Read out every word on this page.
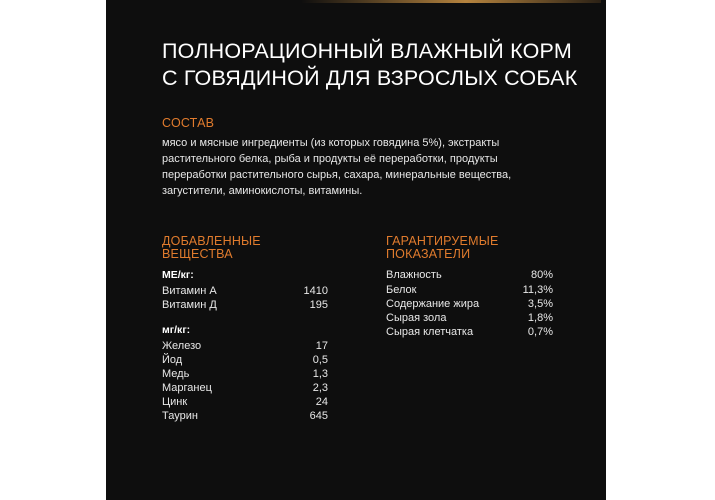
ПОЛНОРАЦИОННЫЙ ВЛАЖНЫЙ КОРМ
С ГОВЯДИНОЙ ДЛЯ ВЗРОСЛЫХ СОБАК
СОСТАВ
мясо и мясные ингредиенты (из которых говядина 5%), экстракты растительного белка, рыба и продукты её переработки, продукты переработки растительного сырья, сахара, минеральные вещества, загустители, аминокислоты, витамины.
ДОБАВЛЕННЫЕ
ВЕЩЕСТВА
МЕ/кг:
Витамин А	1410
Витамин Д	195
мг/кг:
Железо	17
Йод	0,5
Медь	1,3
Марганец	2,3
Цинк	24
Таурин	645
ГАРАНТИРУЕМЫЕ
ПОКАЗАТЕЛИ
Влажность	80%
Белок	11,3%
Содержание жира	3,5%
Сырая зола	1,8%
Сырая клетчатка	0,7%
